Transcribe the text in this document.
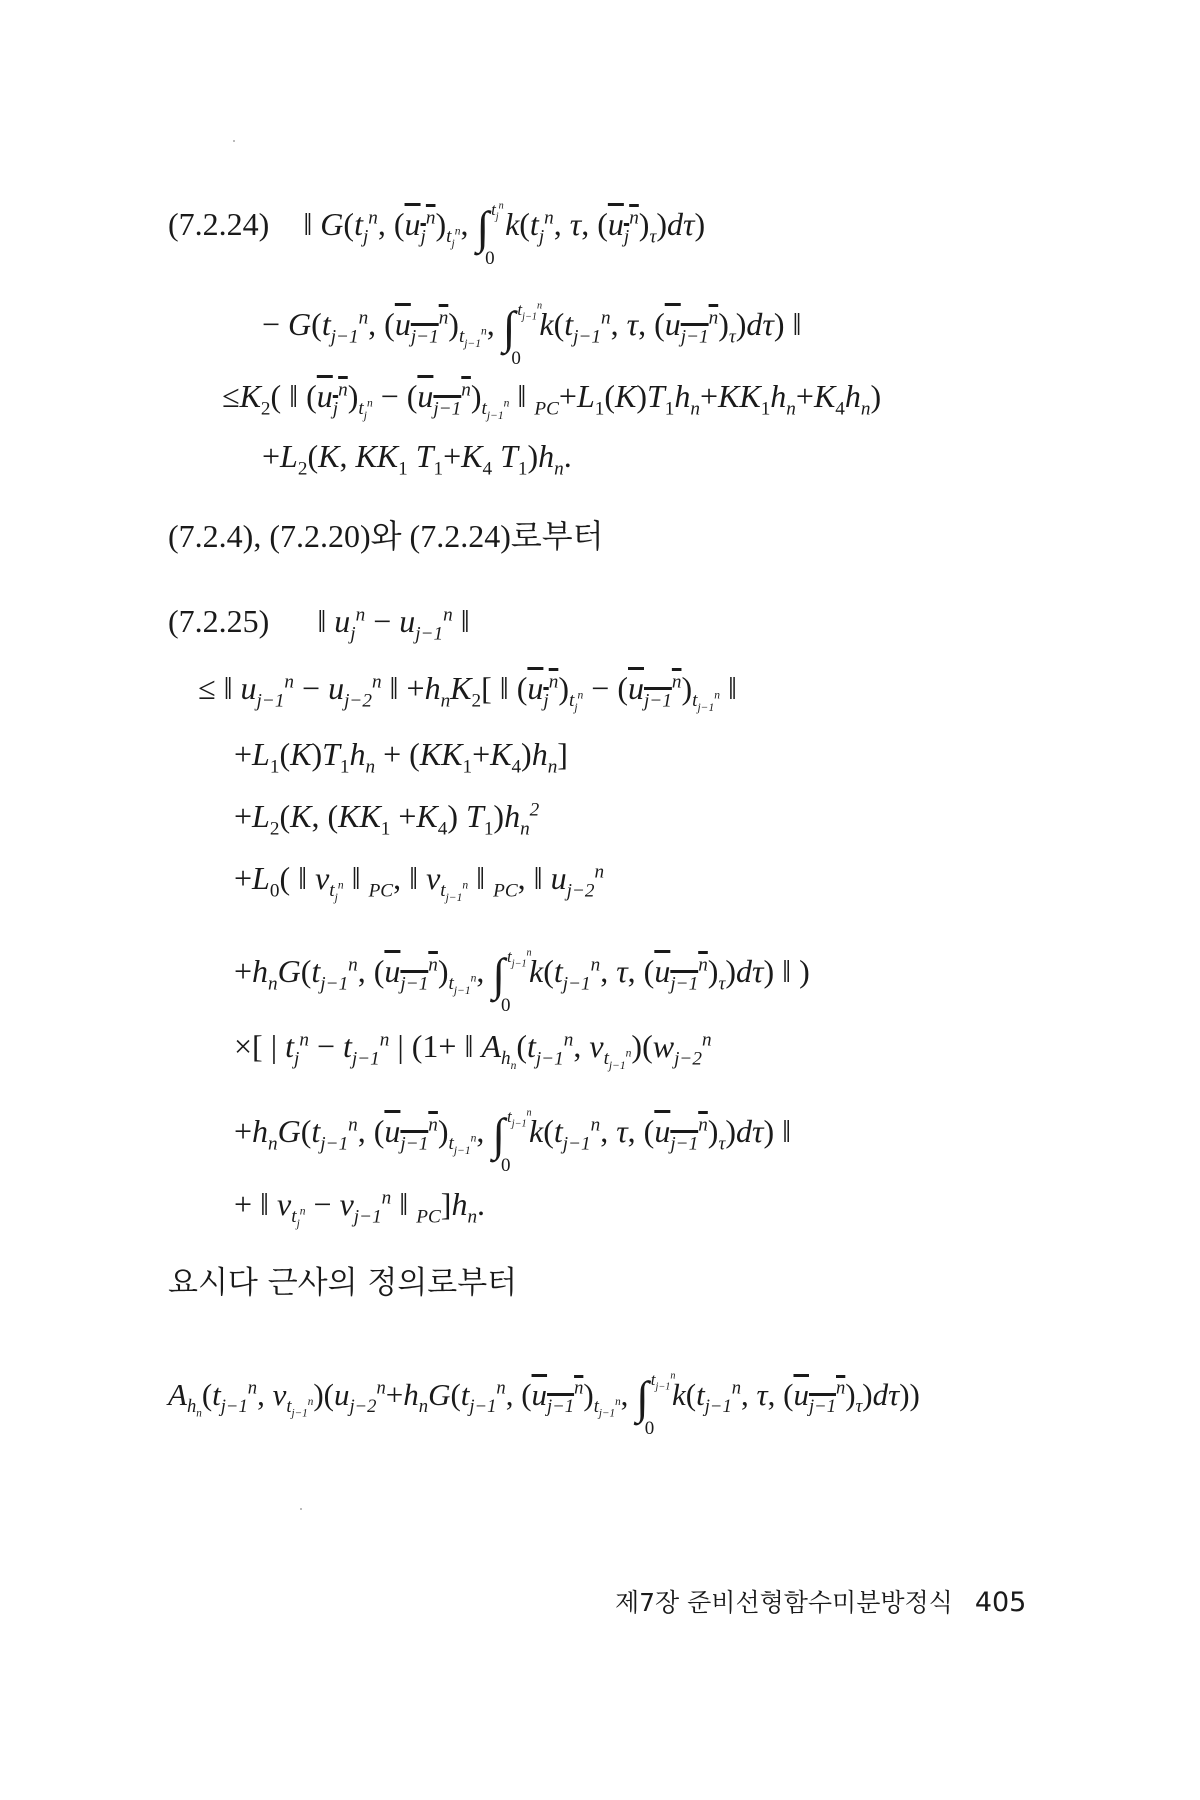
(7.2.24) ‖ $G(t_j^n$, $(u_j^n)_{t_j^n}$, ∫ $t_j^n$
0
$k(t_j^n$, τ, $(u_j^n)_\tau)d\tau$)
− $G(t_{j-1}^n$, $(u_{j-1}^n)_{t_{j-1}^n}$, ∫ $t_{j-1}^n$
0
$k(t_{j-1}^n$, τ, $(u_{j-1}^n)_\tau)d\tau$) ‖
$\le K_2$( ‖ $(u_j^n)_{t_j^n} - (u_{j-1}^n)_{t_{j-1}^n}$ ‖ $_{PC}+L_1(K)T_1h_n+KK_1h_n+K_4h_n$)
$+L_2(K$, $KK_1$ $T_1+K_4$ $T_1)h_n$.
(7.2.4), (7.2.20)와 (7.2.24)로부터
(7.2.25) ‖ $u_j^n - u_{j-1}^n$ ‖
≤ ‖ $u_{j-1}^n - u_{j-2}^n$ ‖ $+h_nK_2$[ ‖ $(u_j^n)_{t_j^n} - (u_{j-1}^n)_{t_{j-1}^n}$ ‖
$+L_1(K)T_1h_n + (KK_1+K_4)h_n$]
$+L_2(K$, $(KK_1 +K_4)$ $T_1)h_n^2$
$+L_0$( ‖ $v_{t_j^n}$ ‖ $_{PC}$, ‖ $v_{t_{j-1}^n}$ ‖ $_{PC}$, ‖ $u_{j-2}^n$
$+h_nG(t_{j-1}^n$, $(u_{j-1}^n)_{t_{j-1}^n}$, ∫ $t_{j-1}^n$
0
$k(t_{j-1}^n$, τ, $(u_{j-1}^n)_\tau)d\tau$) ‖ )
×[ | $t_j^n - t_{j-1}^n$ | (1+ ‖ $A_{h_n}(t_{j-1}^n$, $v_{t_{j-1}^n})(w_{j-2}^n$
$+h_nG(t_{j-1}^n$, $(u_{j-1}^n)_{t_{j-1}^n}$, ∫ $t_{j-1}^n$
0
$k(t_{j-1}^n$, τ, $(u_{j-1}^n)_\tau)d\tau$) ‖
+ ‖ $v_{t_j^n} - v_{j-1}^n$ ‖ $_{PC}]h_n$.
요시다 근사의 정의로부터
$A_{h_n}(t_{j-1}^n$, $v_{t_{j-1}^n})(u_{j-2}^n+h_nG(t_{j-1}^n$, $(u_{j-1}^n)_{t_{j-1}^n}$, ∫ $t_{j-1}^n$
0
$k(t_{j-1}^n$, τ, $(u_{j-1}^n)_\tau)d\tau$))
제7장 준비선형함수미분방정식 405
